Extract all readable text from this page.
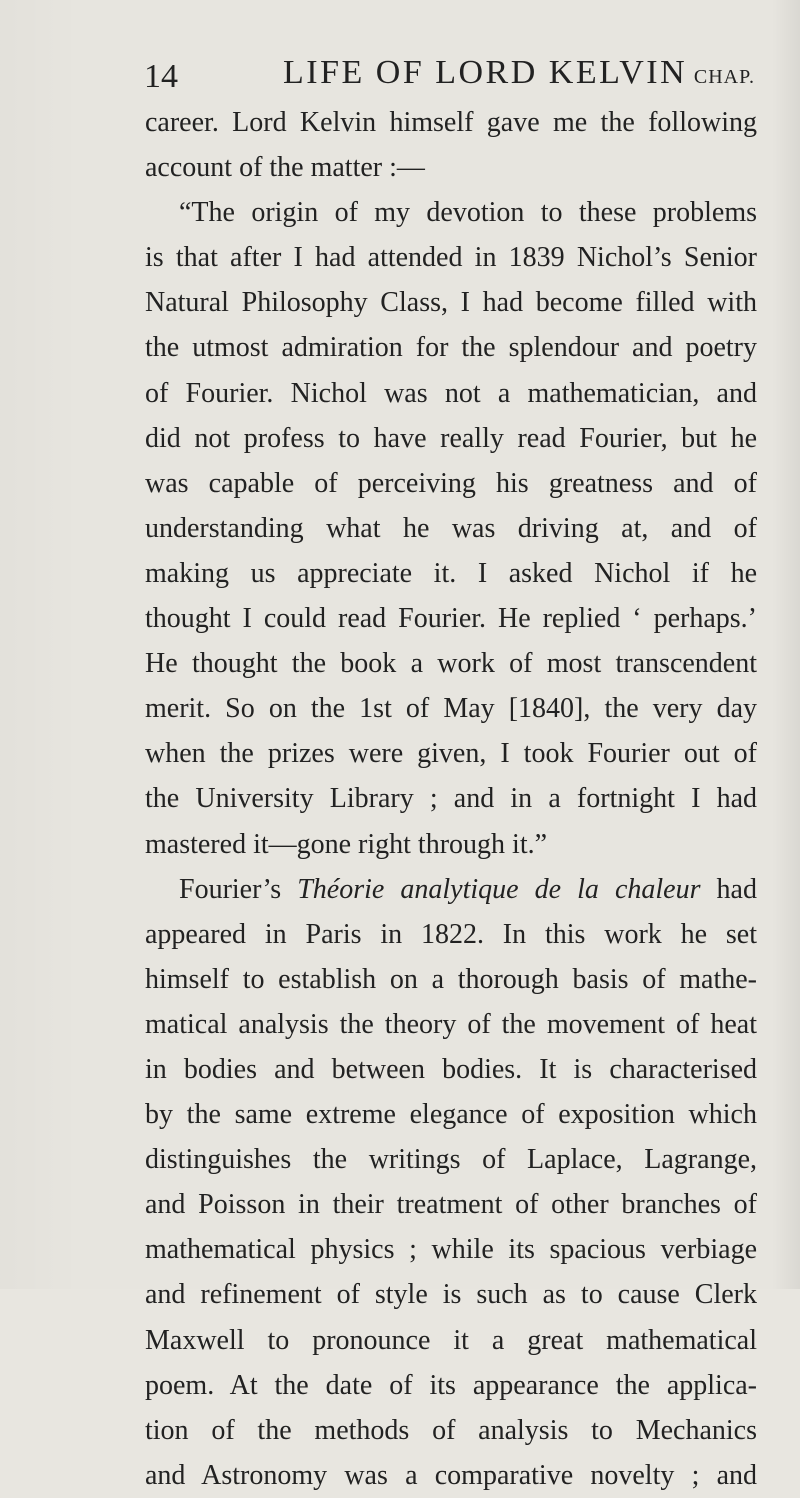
14	LIFE OF LORD KELVIN CHAP.
career. Lord Kelvin himself gave me the following
account of the matter :—
“The origin of my devotion to these problems
is that after I had attended in 1839 Nichol’s Senior
Natural Philosophy Class, I had become filled with
the utmost admiration for the splendour and poetry
of Fourier. Nichol was not a mathematician, and
did not profess to have really read Fourier, but he
was capable of perceiving his greatness and of
understanding what he was driving at, and of
making us appreciate it. I asked Nichol if he
thought I could read Fourier. He replied ‘ perhaps.’
He thought the book a work of most transcendent
merit. So on the 1st of May [1840], the very day
when the prizes were given, I took Fourier out of
the University Library ; and in a fortnight I had
mastered it—gone right through it.”
Fourier’s Théorie analytique de la chaleur had
appeared in Paris in 1822. In this work he set
himself to establish on a thorough basis of mathe-
matical analysis the theory of the movement of heat
in bodies and between bodies. It is characterised
by the same extreme elegance of exposition which
distinguishes the writings of Laplace, Lagrange,
and Poisson in their treatment of other branches of
mathematical physics ; while its spacious verbiage
and refinement of style is such as to cause Clerk
Maxwell to pronounce it a great mathematical
poem. At the date of its appearance the applica-
tion of the methods of analysis to Mechanics
and Astronomy was a comparative novelty ; and
